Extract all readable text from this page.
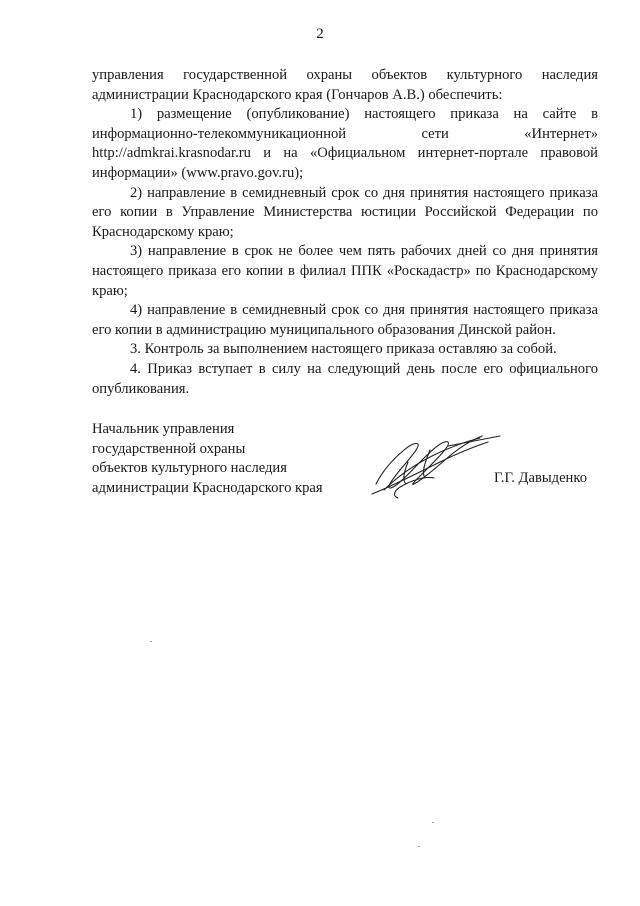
2

управления государственной охраны объектов культурного наследия администрации Краснодарского края (Гончаров А.В.) обеспечить:

1) размещение (опубликование) настоящего приказа на сайте в информационно-телекоммуникационной сети «Интернет» http://admkrai.krasnodar.ru и на «Официальном интернет-портале правовой информации» (www.pravo.gov.ru);

2) направление в семидневный срок со дня принятия настоящего приказа его копии в Управление Министерства юстиции Российской Федерации по Краснодарскому краю;

3) направление в срок не более чем пять рабочих дней со дня принятия настоящего приказа его копии в филиал ППК «Роскадастр» по Краснодарскому краю;

4) направление в семидневный срок со дня принятия настоящего приказа его копии в администрацию муниципального образования Динской район.

3. Контроль за выполнением настоящего приказа оставляю за собой.

4. Приказ вступает в силу на следующий день после его официального опубликования.

Начальник управления
государственной охраны
объектов культурного наследия
администрации Краснодарского края
Г.Г. Давыденко
